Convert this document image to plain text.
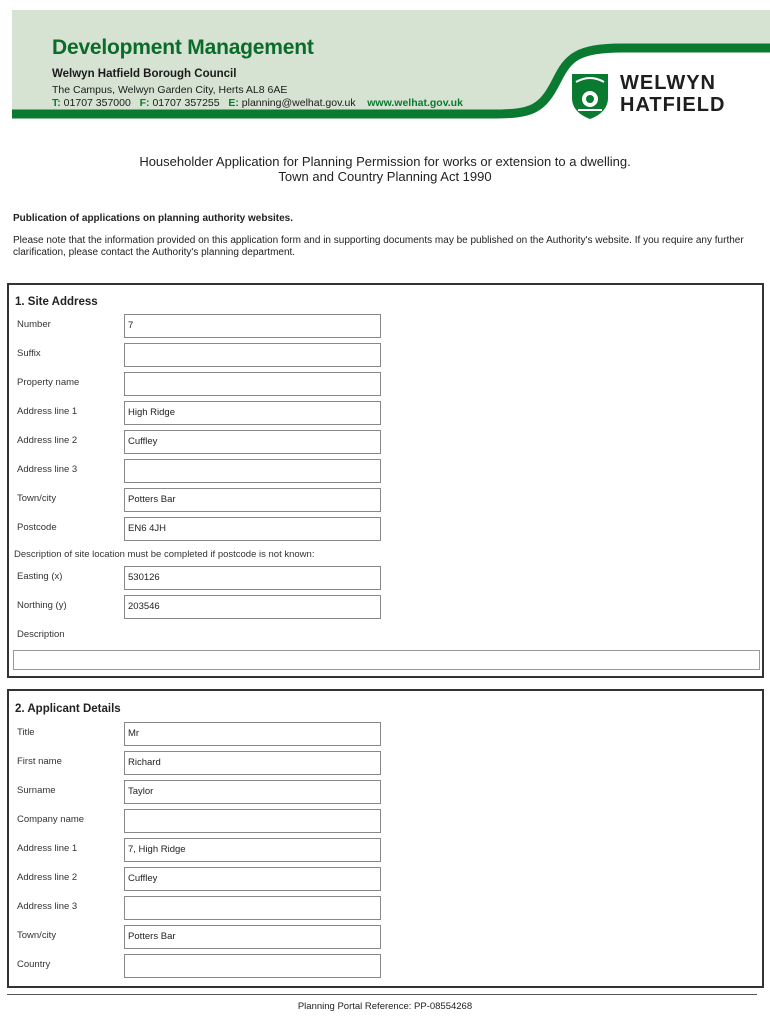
Development Management
Welwyn Hatfield Borough Council
The Campus, Welwyn Garden City, Herts AL8 6AE
T: 01707 357000 F: 01707 357255 E: planning@welhat.gov.uk www.welhat.gov.uk
WELWYN
HATFIELD
Householder Application for Planning Permission for works or extension to a dwelling.
Town and Country Planning Act 1990
Publication of applications on planning authority websites.
Please note that the information provided on this application form and in supporting documents may be published on the Authority's website. If you require any further clarification, please contact the Authority's planning department.
1. Site Address
Number	7
Suffix
Property name
Address line 1	High Ridge
Address line 2	Cuffley
Address line 3
Town/city	Potters Bar
Postcode	EN6 4JH
Description of site location must be completed if postcode is not known:
Easting (x)	530126
Northing (y)	203546
Description
2. Applicant Details
Title	Mr
First name	Richard
Surname	Taylor
Company name
Address line 1	7, High Ridge
Address line 2	Cuffley
Address line 3
Town/city	Potters Bar
Country
Planning Portal Reference: PP-08554268
